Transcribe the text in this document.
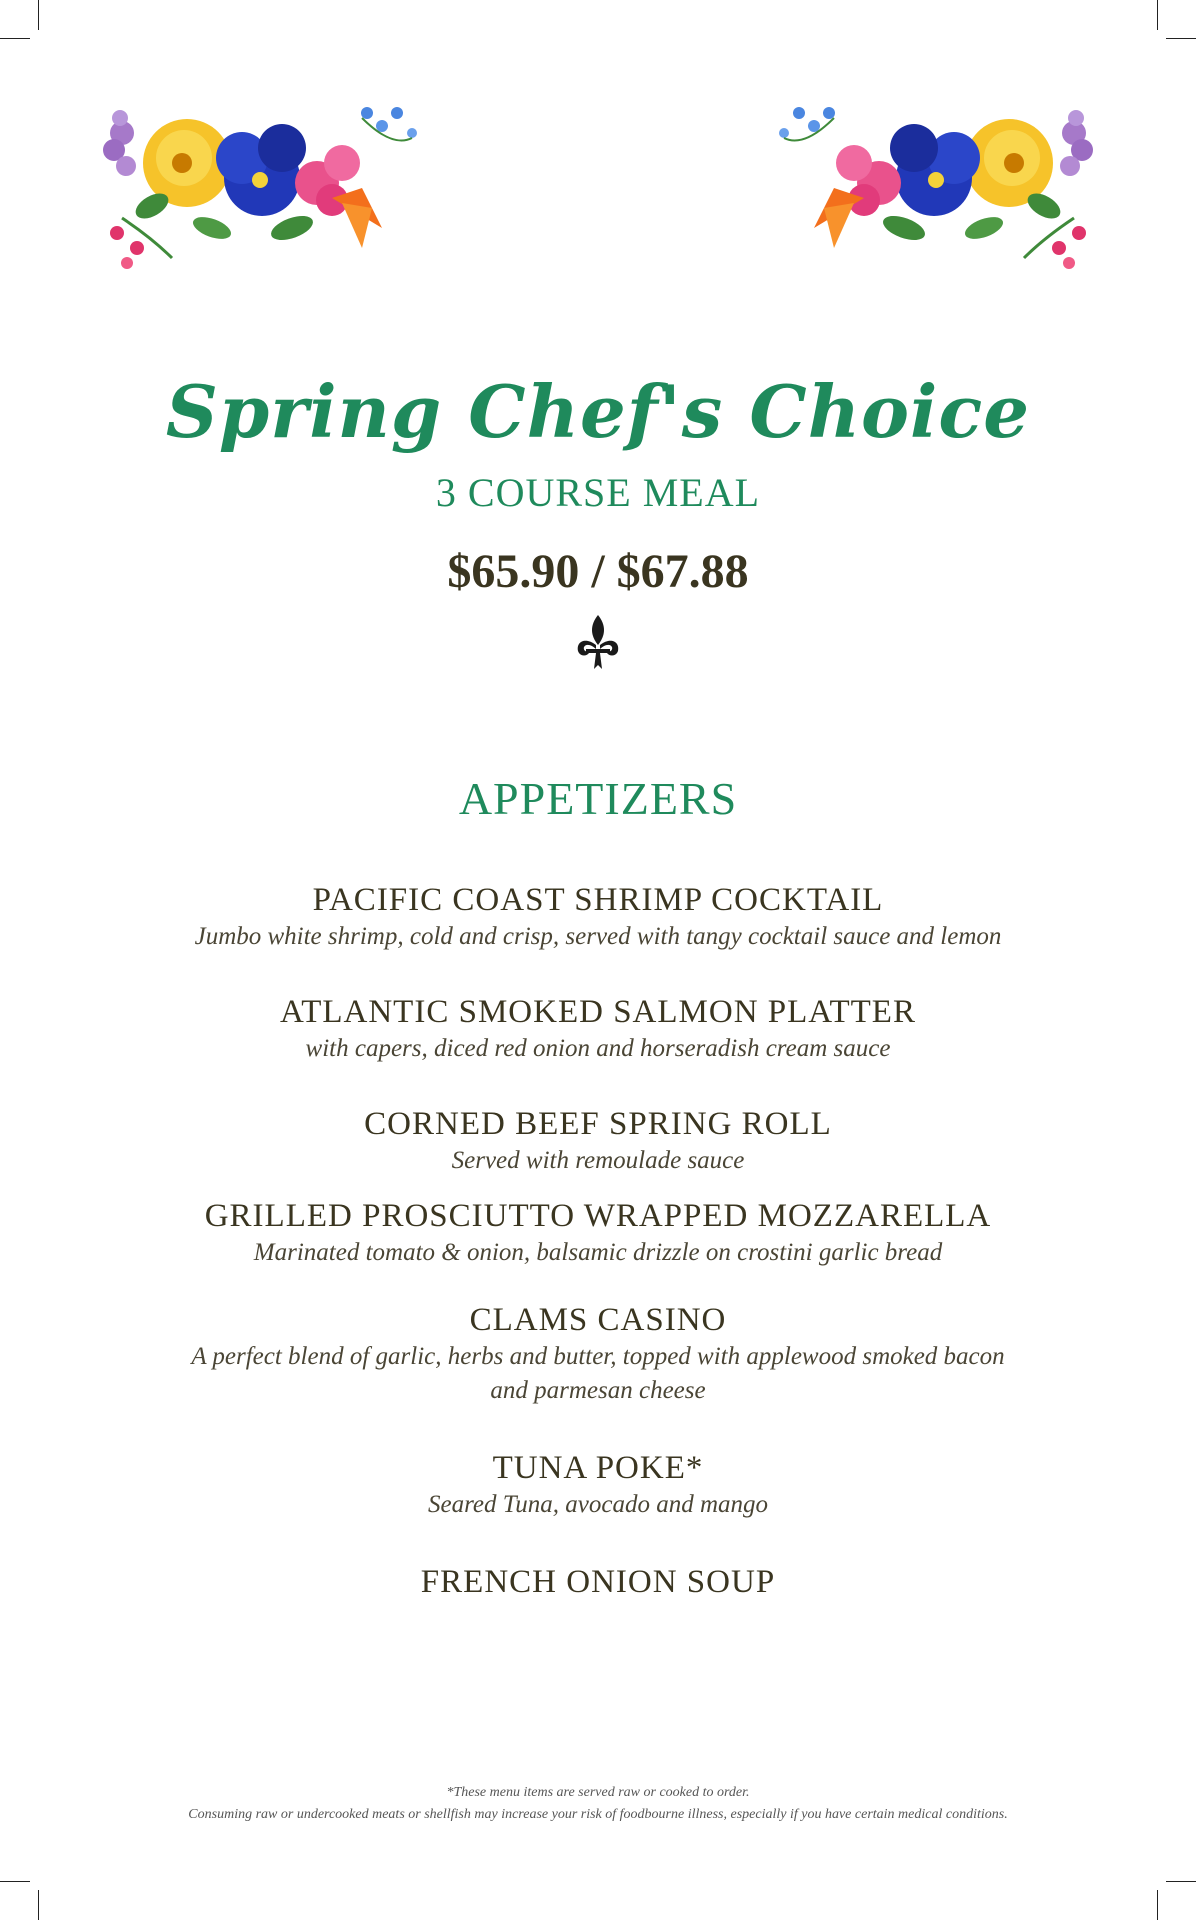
Spring Chef's Choice
3 COURSE MEAL
$65.90 / $67.88
APPETIZERS
PACIFIC COAST SHRIMP COCKTAIL
Jumbo white shrimp, cold and crisp, served with tangy cocktail sauce and lemon
ATLANTIC SMOKED SALMON PLATTER
with capers, diced red onion and horseradish cream sauce
CORNED BEEF SPRING ROLL
Served with remoulade sauce
GRILLED PROSCIUTTO WRAPPED MOZZARELLA
Marinated tomato & onion, balsamic drizzle on crostini garlic bread
CLAMS CASINO
A perfect blend of garlic, herbs and butter, topped with applewood smoked bacon and parmesan cheese
TUNA POKE*
Seared Tuna, avocado and mango
FRENCH ONION SOUP
*These menu items are served raw or cooked to order.
Consuming raw or undercooked meats or shellfish may increase your risk of foodbourne illness, especially if you have certain medical conditions.
